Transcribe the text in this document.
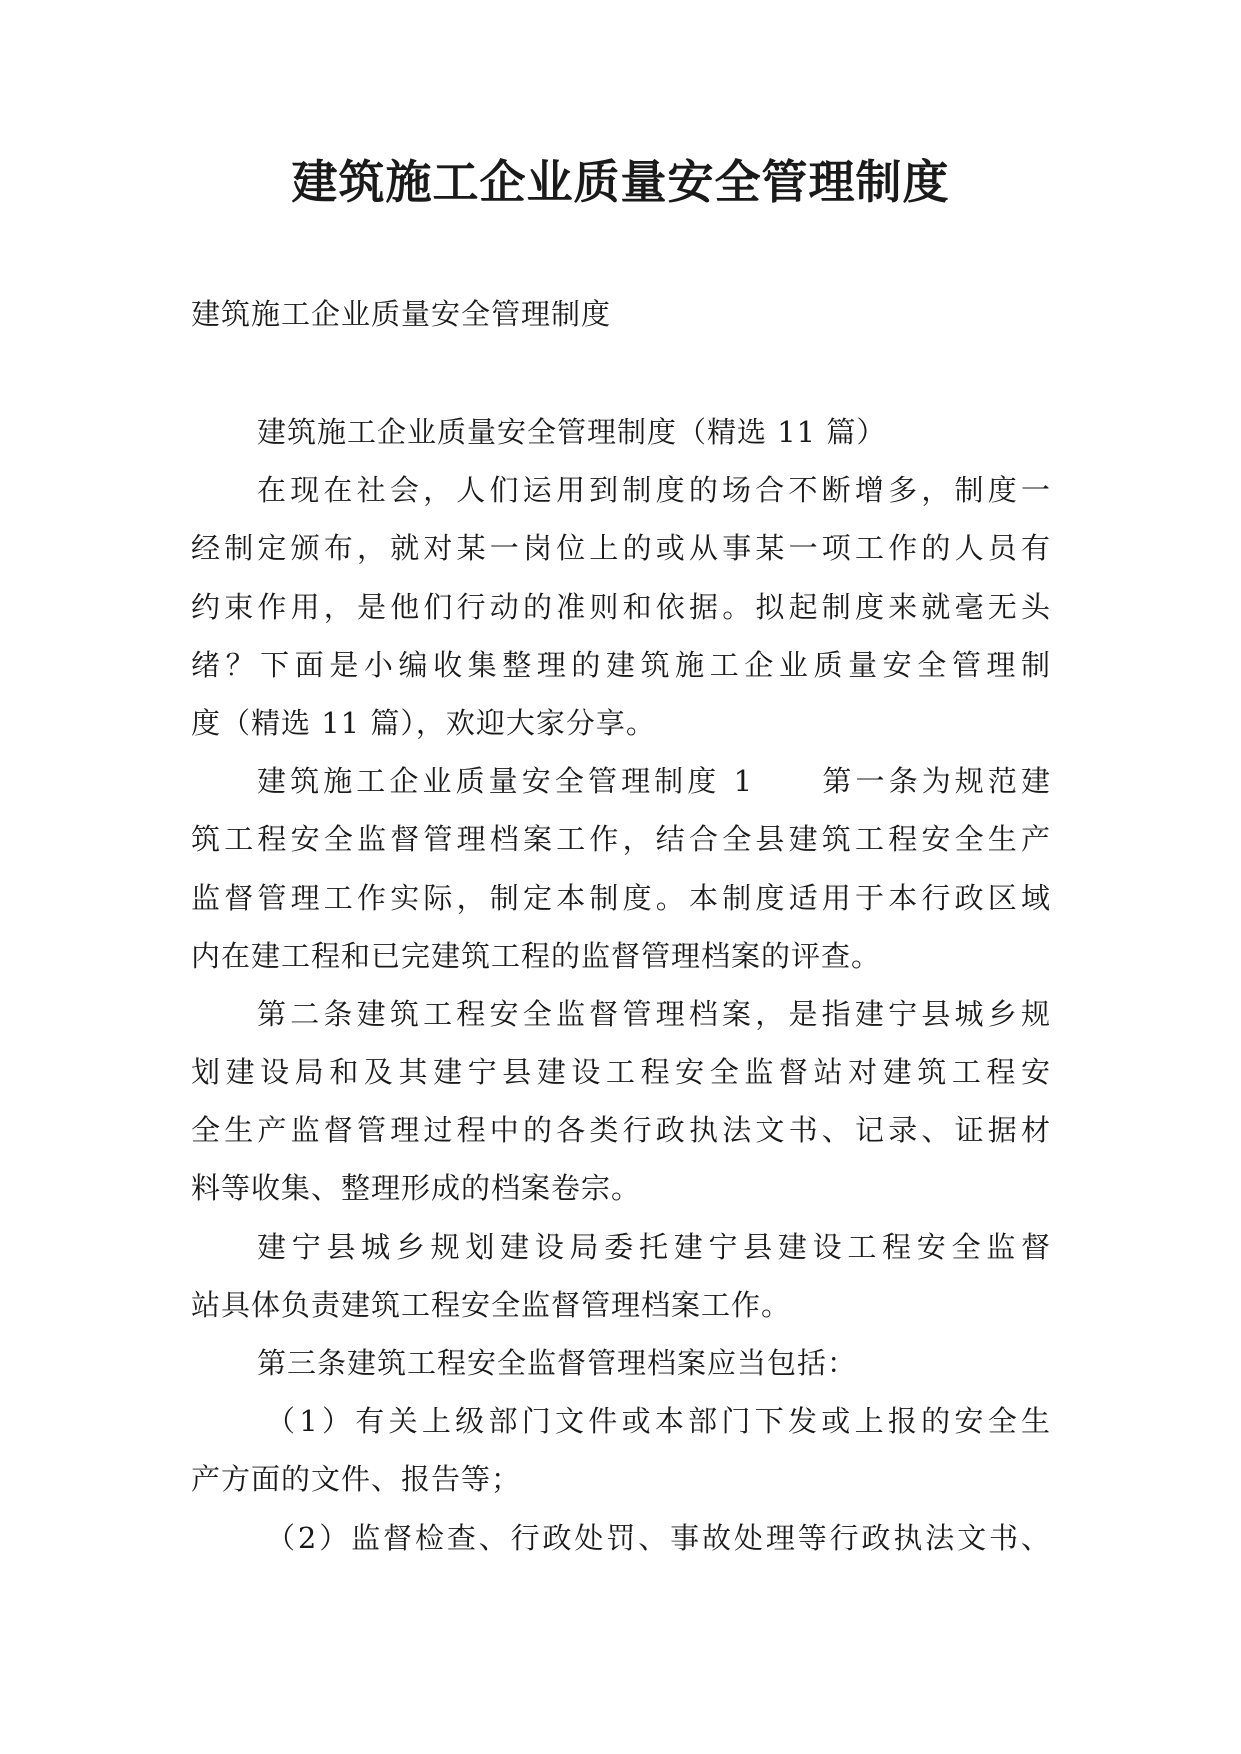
建筑施工企业质量安全管理制度

建筑施工企业质量安全管理制度

建筑施工企业质量安全管理制度（精选 11 篇）

在现在社会，人们运用到制度的场合不断增多，制度一

经制定颁布，就对某一岗位上的或从事某一项工作的人员有

约束作用，是他们行动的准则和依据。拟起制度来就毫无头

绪？下面是小编收集整理的建筑施工企业质量安全管理制

度（精选 11 篇），欢迎大家分享。

建筑施工企业质量安全管理制度 1　　第一条为规范建

筑工程安全监督管理档案工作，结合全县建筑工程安全生产

监督管理工作实际，制定本制度。本制度适用于本行政区域

内在建工程和已完建筑工程的监督管理档案的评查。

第二条建筑工程安全监督管理档案，是指建宁县城乡规

划建设局和及其建宁县建设工程安全监督站对建筑工程安

全生产监督管理过程中的各类行政执法文书、记录、证据材

料等收集、整理形成的档案卷宗。

建宁县城乡规划建设局委托建宁县建设工程安全监督

站具体负责建筑工程安全监督管理档案工作。

第三条建筑工程安全监督管理档案应当包括：

（1）有关上级部门文件或本部门下发或上报的安全生

产方面的文件、报告等；

（2）监督检查、行政处罚、事故处理等行政执法文书、
